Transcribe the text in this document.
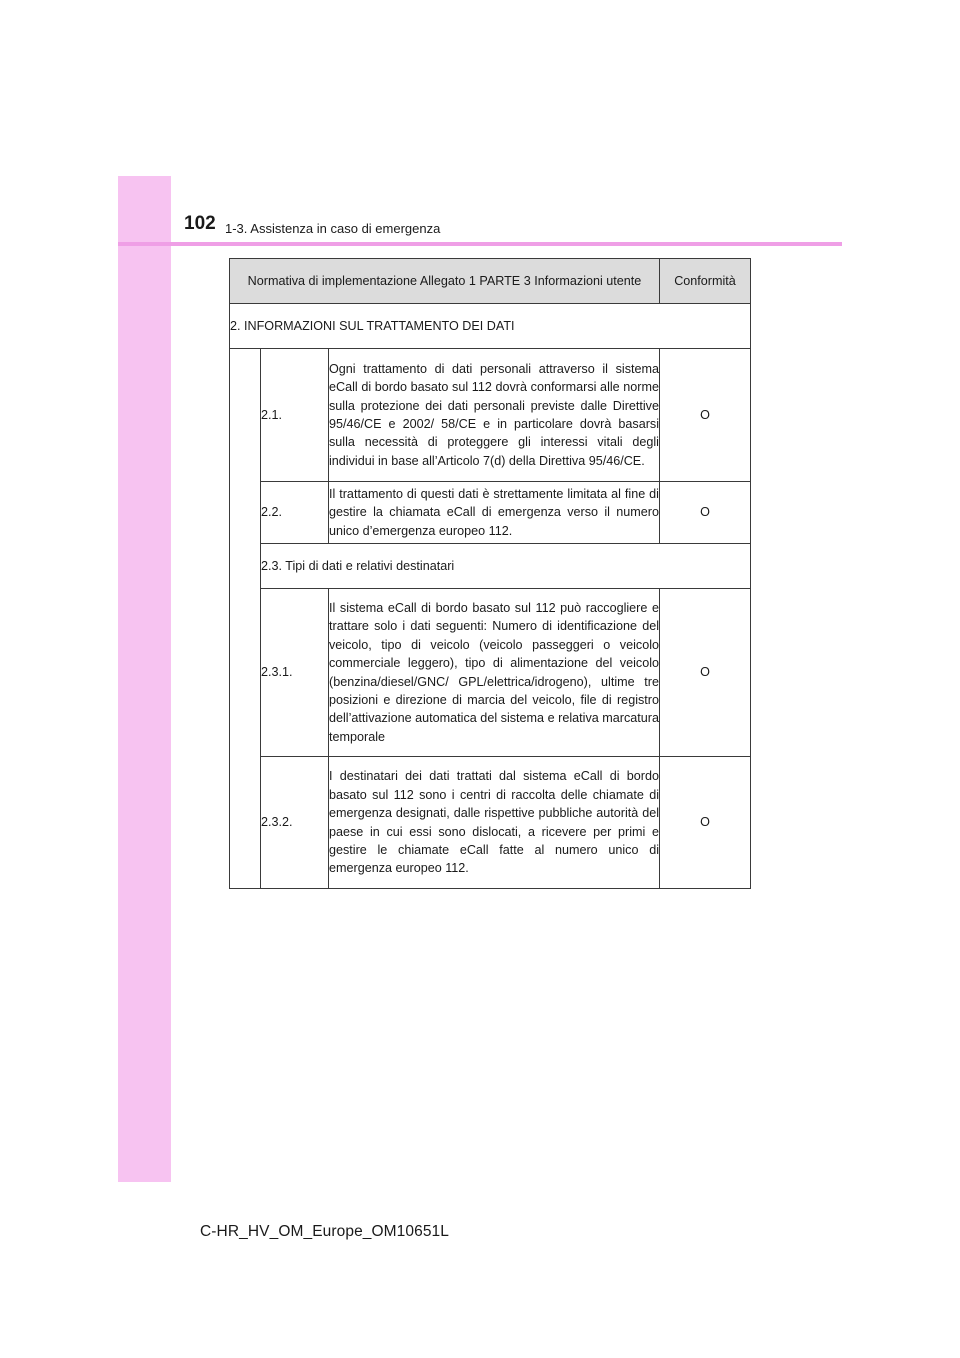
102 1-3. Assistenza in caso di emergenza
Normativa di implementazione Allegato 1 PARTE 3 Informazioni utente			Conformità
2. INFORMAZIONI SUL TRATTAMENTO DEI DATI			
	2.1.	Ogni trattamento di dati personali attraverso il sistema eCall di bordo basato sul 112 dovrà conformarsi alle norme sulla protezione dei dati personali previste dalle Direttive 95/46/CE e 2002/ 58/CE e in particolare dovrà basarsi sulla necessità di proteggere gli interessi vitali degli individui in base all’Articolo 7(d) della Direttiva 95/46/CE.	O
	2.2.	Il trattamento di questi dati è strettamente limitata al fine di gestire la chiamata eCall di emergenza verso il numero unico d’emergenza europeo 112.	O
	2.3. Tipi di dati e relativi destinatari		
	2.3.1.	Il sistema eCall di bordo basato sul 112 può raccogliere e trattare solo i dati seguenti: Numero di identificazione del veicolo, tipo di veicolo (veicolo passeggeri o veicolo commerciale leggero), tipo di alimentazione del veicolo (benzina/diesel/GNC/ GPL/elettrica/idrogeno), ultime tre posizioni e direzione di marcia del veicolo, file di registro dell’attivazione automatica del sistema e relativa marcatura temporale	O
	2.3.2.	I destinatari dei dati trattati dal sistema eCall di bordo basato sul 112 sono i centri di raccolta delle chiamate di emergenza designati, dalle rispettive pubbliche autorità del paese in cui essi sono dislocati, a ricevere per primi e gestire le chiamate eCall fatte al numero unico di emergenza europeo 112.	O
C-HR_HV_OM_Europe_OM10651L
